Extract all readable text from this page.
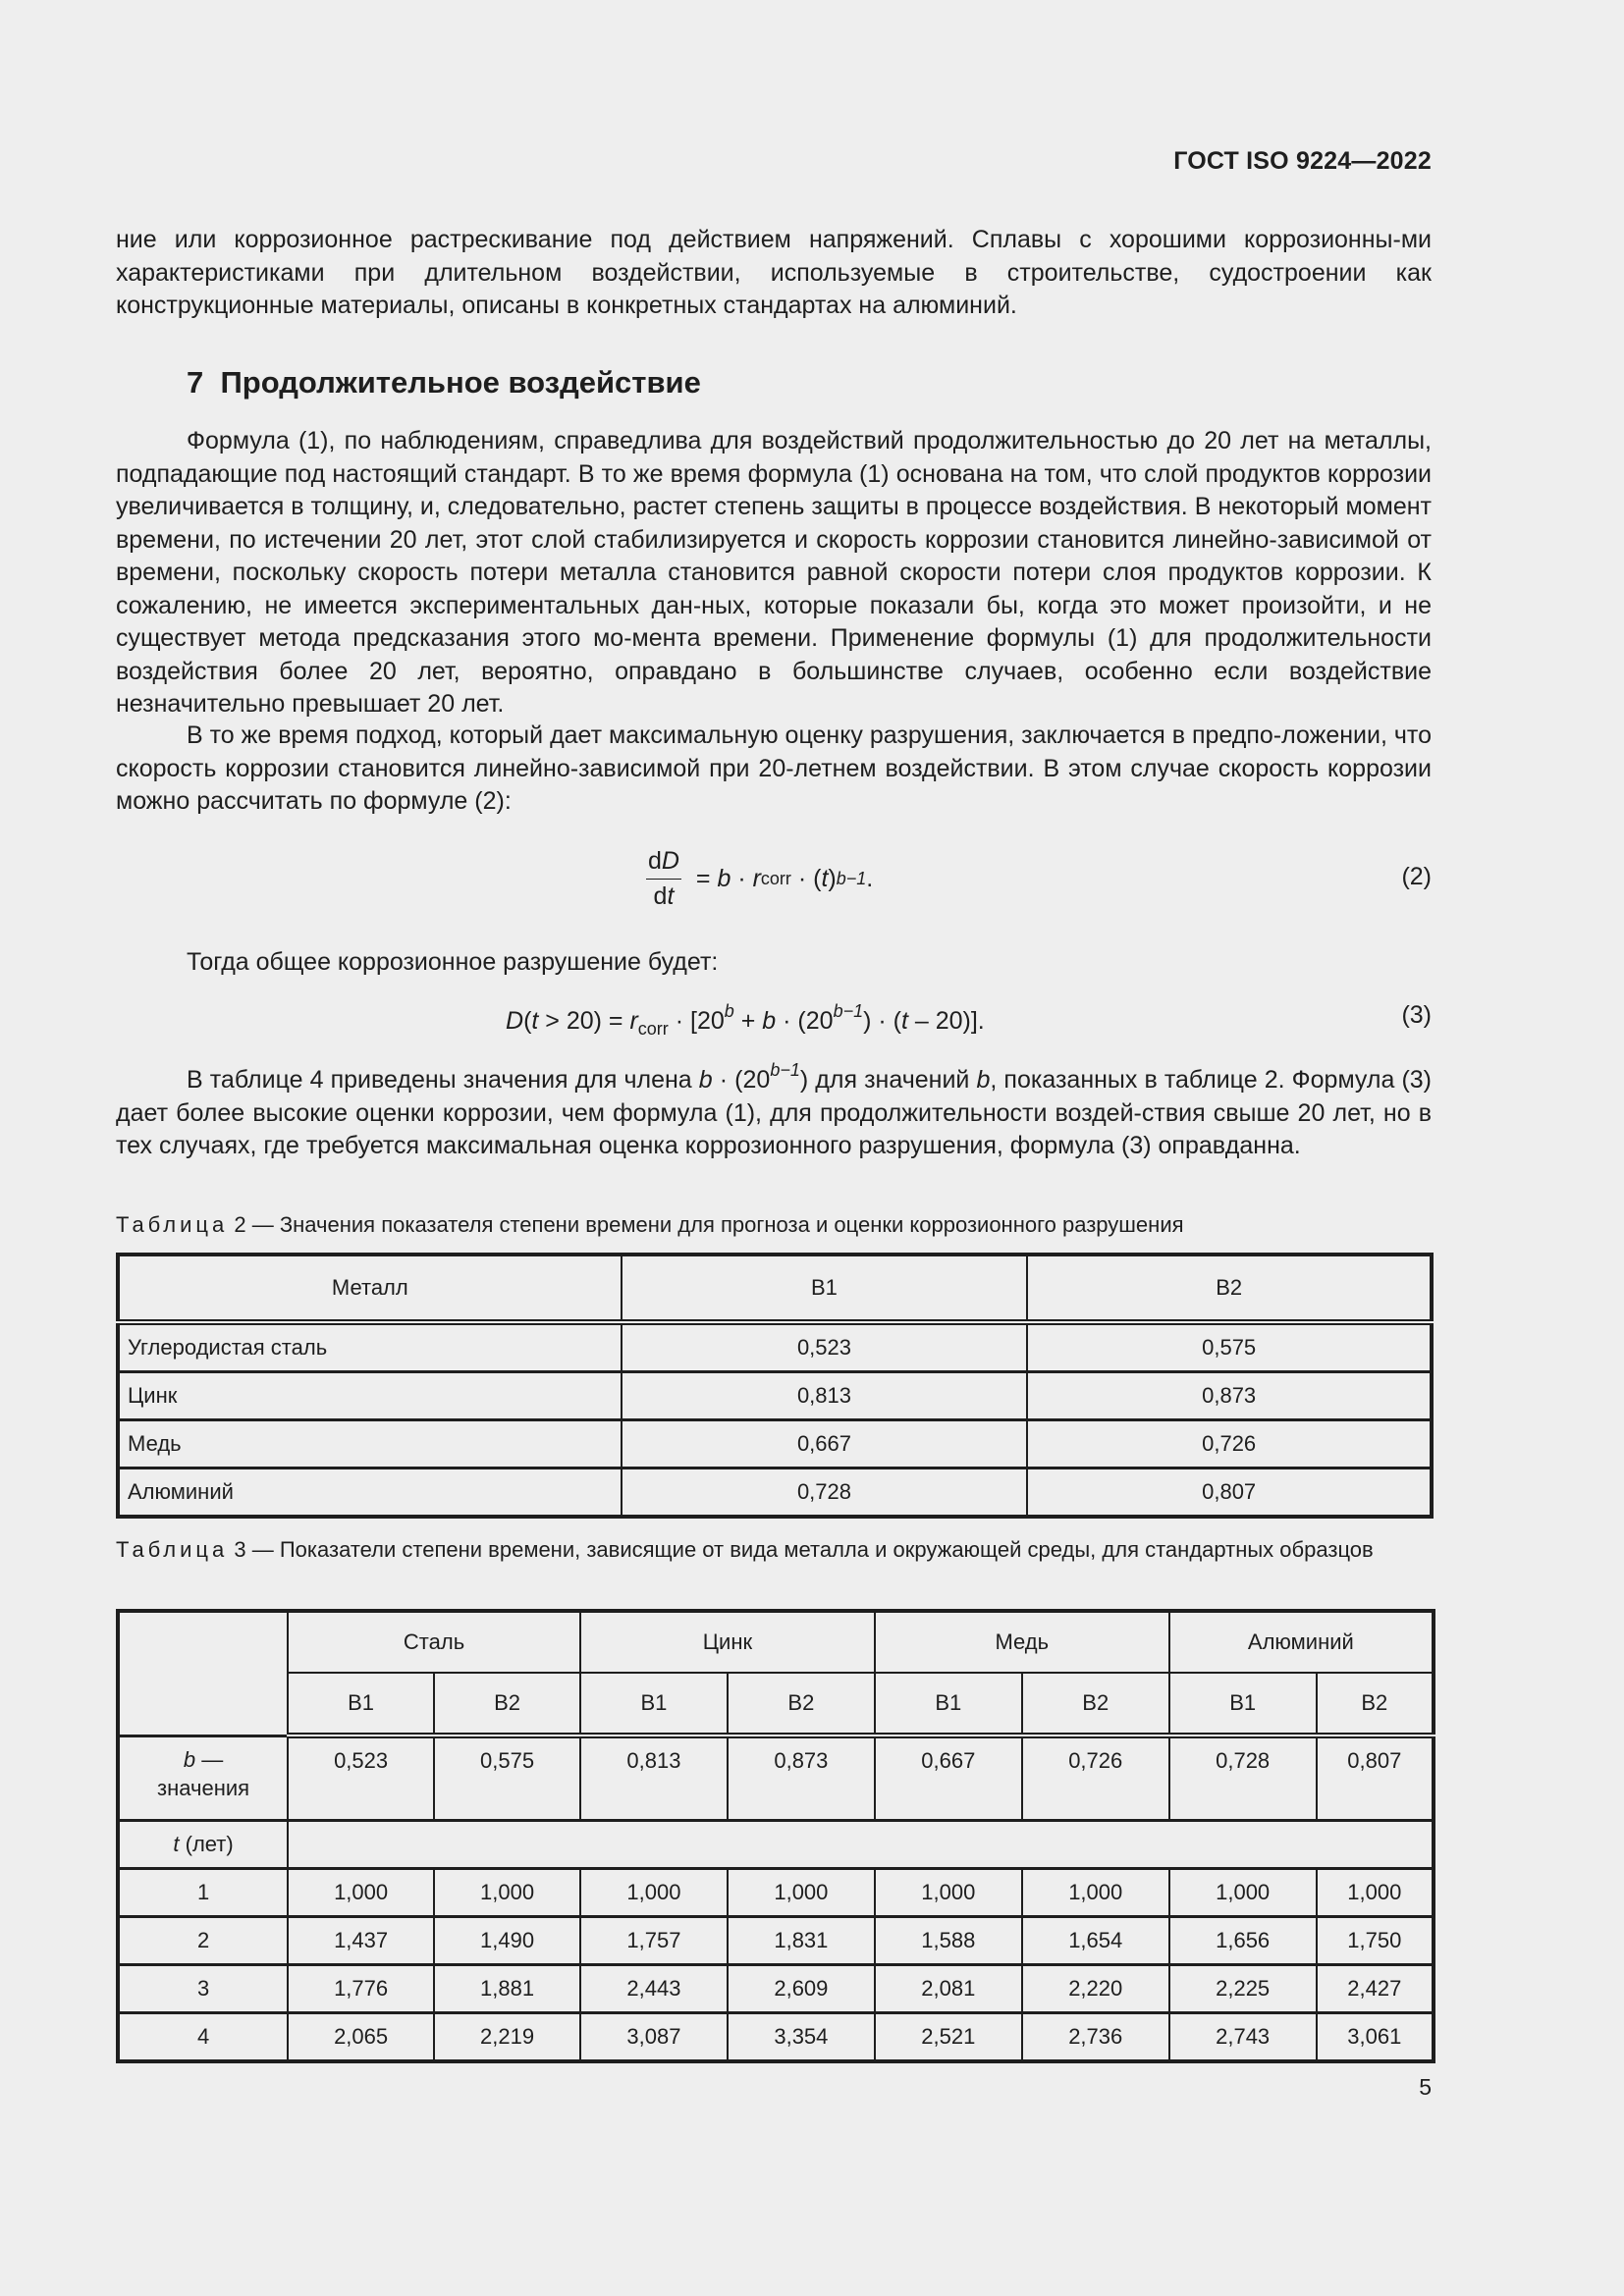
ГОСТ ISO 9224—2022

ние или коррозионное растрескивание под действием напряжений. Сплавы с хорошими коррозионны-ми характеристиками при длительном воздействии, используемые в строительстве, судостроении как конструкционные материалы, описаны в конкретных стандартах на алюминий.

7 Продолжительное воздействие

Формула (1), по наблюдениям, справедлива для воздействий продолжительностью до 20 лет на металлы, подпадающие под настоящий стандарт. В то же время формула (1) основана на том, что слой продуктов коррозии увеличивается в толщину, и, следовательно, растет степень защиты в процессе воздействия. В некоторый момент времени, по истечении 20 лет, этот слой стабилизируется и скорость коррозии становится линейно-зависимой от времени, поскольку скорость потери металла становится равной скорости потери слоя продуктов коррозии. К сожалению, не имеется экспериментальных дан-ных, которые показали бы, когда это может произойти, и не существует метода предсказания этого мо-мента времени. Применение формулы (1) для продолжительности воздействия более 20 лет, вероятно, оправдано в большинстве случаев, особенно если воздействие незначительно превышает 20 лет.

В то же время подход, который дает максимальную оценку разрушения, заключается в предпо-ложении, что скорость коррозии становится линейно-зависимой при 20-летнем воздействии. В этом случае скорость коррозии можно рассчитать по формуле (2):

$\frac{dD}{dt} = b \cdot r$ corr · ( t ) b−1 .	(2)
Тогда общее коррозионное разрушение будет:
$D(t > 20) = r_{corr} \cdot [20^b + b \cdot (20^{b-1}) \cdot (t - 20)]$.	(3)

В таблице 4 приведены значения для члена $b \cdot (20^{b-1})$ для значений b, показанных в таблице 2. Формула (3) дает более высокие оценки коррозии, чем формула (1), для продолжительности воздей-ствия свыше 20 лет, но в тех случаях, где требуется максимальная оценка коррозионного разрушения, формула (3) оправданна.

Таблица 2 — Значения показателя степени времени для прогноза и оценки коррозионного разрушения

Металл	B1	B2
Углеродистая сталь	0,523	0,575
Цинк	0,813	0,873
Медь	0,667	0,726
Алюминий	0,728	0,807

Таблица 3 — Показатели степени времени, зависящие от вида металла и окружающей среды, для стандартных образцов

	Сталь		Цинк		Медь		Алюминий	
	B1	B2	B1	B2	B1	B2	B1	B2
b —
значения	0,523	0,575	0,813	0,873	0,667	0,726	0,728	0,807
t (лет)								
1	1,000	1,000	1,000	1,000	1,000	1,000	1,000	1,000
2	1,437	1,490	1,757	1,831	1,588	1,654	1,656	1,750
3	1,776	1,881	2,443	2,609	2,081	2,220	2,225	2,427
4	2,065	2,219	3,087	3,354	2,521	2,736	2,743	3,061
5
